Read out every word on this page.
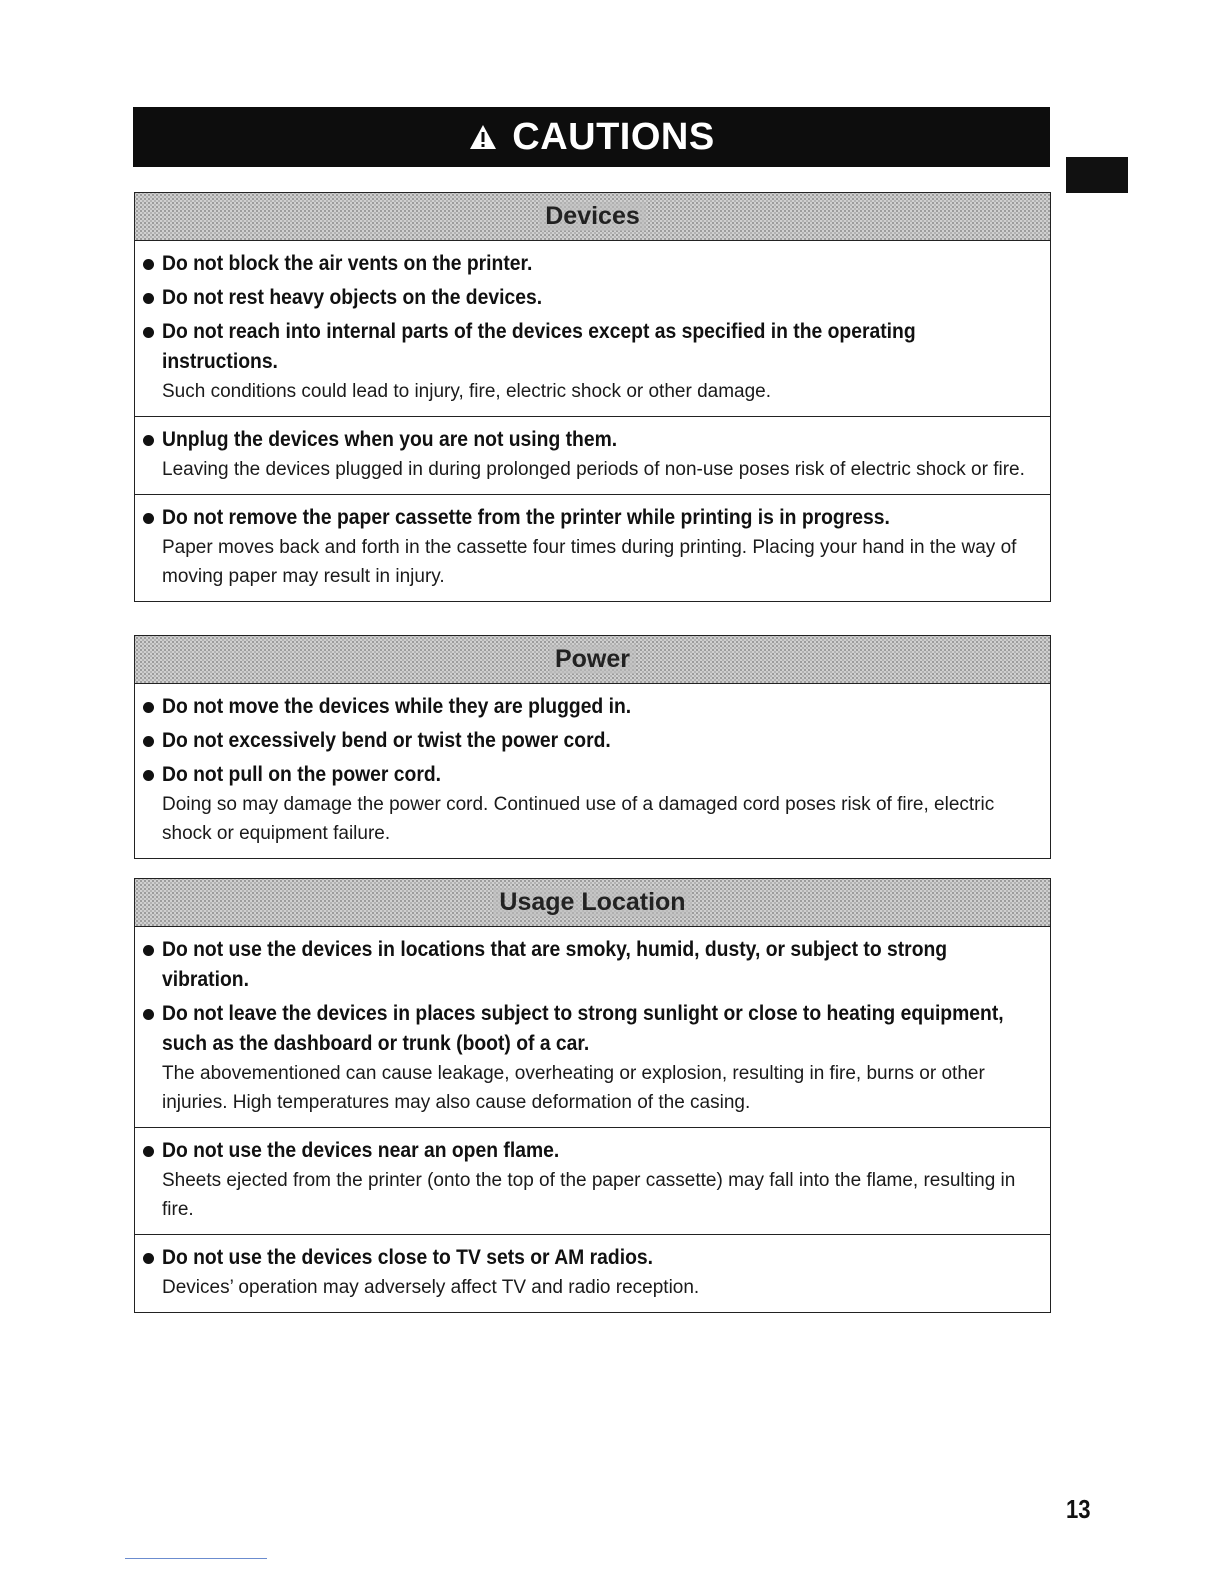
CAUTIONS
Devices
Do not block the air vents on the printer.
Do not rest heavy objects on the devices.
Do not reach into internal parts of the devices except as specified in the operating instructions.
Such conditions could lead to injury, fire, electric shock or other damage.
Unplug the devices when you are not using them.
Leaving the devices plugged in during prolonged periods of non-use poses risk of electric shock or fire.
Do not remove the paper cassette from the printer while printing is in progress.
Paper moves back and forth in the cassette four times during printing. Placing your hand in the way of moving paper may result in injury.
Power
Do not move the devices while they are plugged in.
Do not excessively bend or twist the power cord.
Do not pull on the power cord.
Doing so may damage the power cord. Continued use of a damaged cord poses risk of fire, electric shock or equipment failure.
Usage Location
Do not use the devices in locations that are smoky, humid, dusty, or subject to strong vibration.
Do not leave the devices in places subject to strong sunlight or close to heating equipment, such as the dashboard or trunk (boot) of a car.
The abovementioned can cause leakage, overheating or explosion, resulting in fire, burns or other injuries. High temperatures may also cause deformation of the casing.
Do not use the devices near an open flame.
Sheets ejected from the printer (onto the top of the paper cassette) may fall into the flame, resulting in fire.
Do not use the devices close to TV sets or AM radios.
Devices’ operation may adversely affect TV and radio reception.
13
